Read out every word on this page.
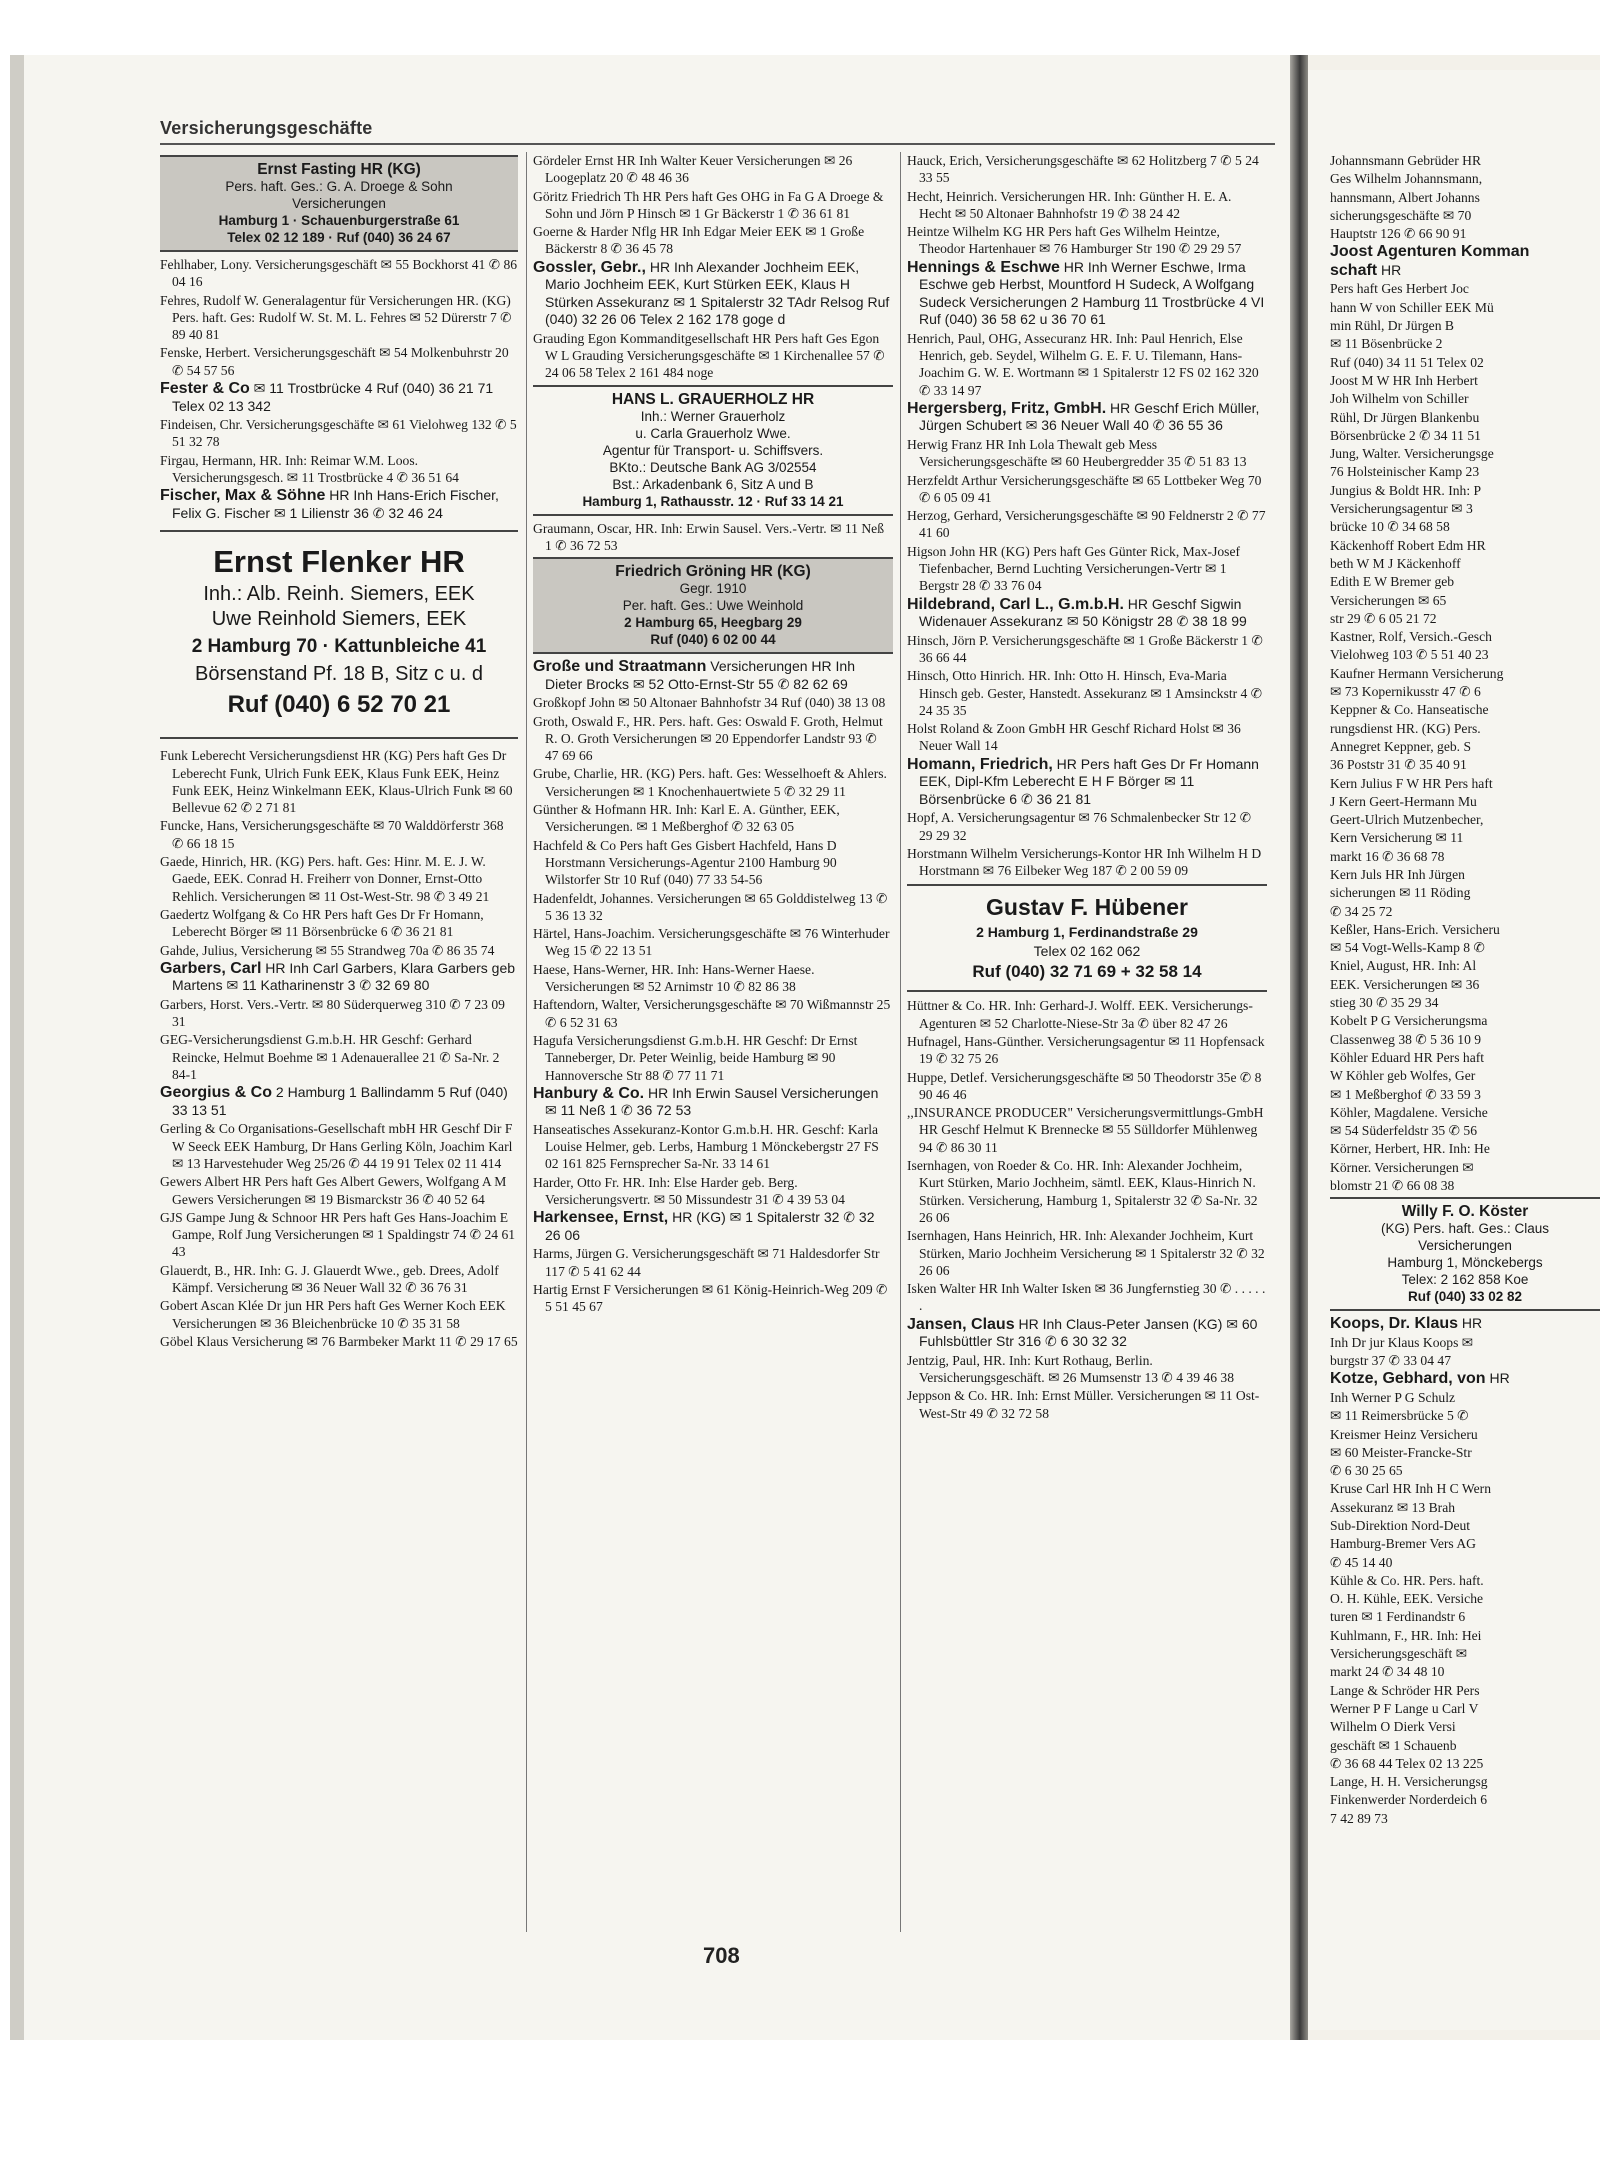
Versicherungsgeschäfte
Ernst Fasting HR (KG)
Pers. haft. Ges.: G. A. Droege & Sohn
Versicherungen
Hamburg 1 · Schauenburgerstraße 61
Telex 02 12 189 · Ruf (040) 36 24 67
Fehlhaber, Lony. Versicherungsgeschäft ✉ 55 Bockhorst 41 ✆ 86 04 16
Fehres, Rudolf W. Generalagentur für Versicherungen HR. (KG) Pers. haft. Ges: Rudolf W. St. M. L. Fehres ✉ 52 Dürerstr 7 ✆ 89 40 81
Fenske, Herbert. Versicherungsgeschäft ✉ 54 Molkenbuhrstr 20 ✆ 54 57 56
Fester & Co ✉ 11 Trostbrücke 4 Ruf (040) 36 21 71 Telex 02 13 342
Findeisen, Chr. Versicherungsgeschäfte ✉ 61 Vielohweg 132 ✆ 5 51 32 78
Firgau, Hermann, HR. Inh: Reimar W.M. Loos. Versicherungsgesch. ✉ 11 Trostbrücke 4 ✆ 36 51 64
Fischer, Max & Söhne HR Inh Hans-Erich Fischer, Felix G. Fischer ✉ 1 Lilienstr 36 ✆ 32 46 24
Ernst Flenker HR
Inh.: Alb. Reinh. Siemers, EEK
Uwe Reinhold Siemers, EEK
2 Hamburg 70 · Kattunbleiche 41
Börsenstand Pf. 18 B, Sitz c u. d
Ruf (040) 6 52 70 21
Funk Leberecht Versicherungsdienst HR (KG) Pers haft Ges Dr Leberecht Funk, Ulrich Funk EEK, Klaus Funk EEK, Heinz Funk EEK, Heinz Winkelmann EEK, Klaus-Ulrich Funk ✉ 60 Bellevue 62 ✆ 2 71 81
Funcke, Hans, Versicherungsgeschäfte ✉ 70 Walddörferstr 368 ✆ 66 18 15
Gaede, Hinrich, HR. (KG) Pers. haft. Ges: Hinr. M. E. J. W. Gaede, EEK. Conrad H. Freiherr von Donner, Ernst-Otto Rehlich. Versicherungen ✉ 11 Ost-West-Str. 98 ✆ 3 49 21
Gaedertz Wolfgang & Co HR Pers haft Ges Dr Fr Homann, Leberecht Börger ✉ 11 Börsenbrücke 6 ✆ 36 21 81
Gahde, Julius, Versicherung ✉ 55 Strandweg 70a ✆ 86 35 74
Garbers, Carl HR Inh Carl Garbers, Klara Garbers geb Martens ✉ 11 Katharinenstr 3 ✆ 32 69 80
Garbers, Horst. Vers.-Vertr. ✉ 80 Süderquerweg 310 ✆ 7 23 09 31
GEG-Versicherungsdienst G.m.b.H. HR Geschf: Gerhard Reincke, Helmut Boehme ✉ 1 Adenauerallee 21 ✆ Sa-Nr. 2 84-1
Georgius & Co 2 Hamburg 1 Ballindamm 5 Ruf (040) 33 13 51
Gerling & Co Organisations-Gesellschaft mbH HR Geschf Dir F W Seeck EEK Hamburg, Dr Hans Gerling Köln, Joachim Karl ✉ 13 Harvestehuder Weg 25/26 ✆ 44 19 91 Telex 02 11 414
Gewers Albert HR Pers haft Ges Albert Gewers, Wolfgang A M Gewers Versicherungen ✉ 19 Bismarckstr 36 ✆ 40 52 64
GJS Gampe Jung & Schnoor HR Pers haft Ges Hans-Joachim E Gampe, Rolf Jung Versicherungen ✉ 1 Spaldingstr 74 ✆ 24 61 43
Glauerdt, B., HR. Inh: G. J. Glauerdt Wwe., geb. Drees, Adolf Kämpf. Versicherung ✉ 36 Neuer Wall 32 ✆ 36 76 31
Gobert Ascan Klée Dr jun HR Pers haft Ges Werner Koch EEK Versicherungen ✉ 36 Bleichenbrücke 10 ✆ 35 31 58
Göbel Klaus Versicherung ✉ 76 Barmbeker Markt 11 ✆ 29 17 65
Gördeler Ernst HR Inh Walter Keuer Versicherungen ✉ 26 Loogeplatz 20 ✆ 48 46 36
Göritz Friedrich Th HR Pers haft Ges OHG in Fa G A Droege & Sohn und Jörn P Hinsch ✉ 1 Gr Bäckerstr 1 ✆ 36 61 81
Goerne & Harder Nflg HR Inh Edgar Meier EEK ✉ 1 Große Bäckerstr 8 ✆ 36 45 78
Gossler, Gebr., HR Inh Alexander Jochheim EEK, Mario Jochheim EEK, Kurt Stürken EEK, Klaus H Stürken Assekuranz ✉ 1 Spitalerstr 32 TAdr Relsog Ruf (040) 32 26 06 Telex 2 162 178 goge d
Grauding Egon Kommanditgesellschaft HR Pers haft Ges Egon W L Grauding Versicherungsgeschäfte ✉ 1 Kirchenallee 57 ✆ 24 06 58 Telex 2 161 484 noge
HANS L. GRAUERHOLZ HR
Inh.: Werner Grauerholz
u. Carla Grauerholz Wwe.
Agentur für Transport- u. Schiffsvers.
BKto.: Deutsche Bank AG 3/02554
Bst.: Arkadenbank 6, Sitz A und B
Hamburg 1, Rathausstr. 12 · Ruf 33 14 21
Graumann, Oscar, HR. Inh: Erwin Sausel. Vers.-Vertr. ✉ 11 Neß 1 ✆ 36 72 53
Friedrich Gröning HR (KG)
Gegr. 1910
Per. haft. Ges.: Uwe Weinhold
2 Hamburg 65, Heegbarg 29
Ruf (040) 6 02 00 44
Große und Straatmann Versicherungen HR Inh Dieter Brocks ✉ 52 Otto-Ernst-Str 55 ✆ 82 62 69
Großkopf John ✉ 50 Altonaer Bahnhofstr 34 Ruf (040) 38 13 08
Groth, Oswald F., HR. Pers. haft. Ges: Oswald F. Groth, Helmut R. O. Groth Versicherungen ✉ 20 Eppendorfer Landstr 93 ✆ 47 69 66
Grube, Charlie, HR. (KG) Pers. haft. Ges: Wesselhoeft & Ahlers. Versicherungen ✉ 1 Knochenhauertwiete 5 ✆ 32 29 11
Günther & Hofmann HR. Inh: Karl E. A. Günther, EEK, Versicherungen. ✉ 1 Meßberghof ✆ 32 63 05
Hachfeld & Co Pers haft Ges Gisbert Hachfeld, Hans D Horstmann Versicherungs-Agentur 2100 Hamburg 90 Wilstorfer Str 10 Ruf (040) 77 33 54-56
Hadenfeldt, Johannes. Versicherungen ✉ 65 Golddistelweg 13 ✆ 5 36 13 32
Härtel, Hans-Joachim. Versicherungsgeschäfte ✉ 76 Winterhuder Weg 15 ✆ 22 13 51
Haese, Hans-Werner, HR. Inh: Hans-Werner Haese. Versicherungen ✉ 52 Arnimstr 10 ✆ 82 86 38
Haftendorn, Walter, Versicherungsgeschäfte ✉ 70 Wißmannstr 25 ✆ 6 52 31 63
Hagufa Versicherungsdienst G.m.b.H. HR Geschf: Dr Ernst Tanneberger, Dr. Peter Weinlig, beide Hamburg ✉ 90 Hannoversche Str 88 ✆ 77 11 71
Hanbury & Co. HR Inh Erwin Sausel Versicherungen ✉ 11 Neß 1 ✆ 36 72 53
Hanseatisches Assekuranz-Kontor G.m.b.H. HR. Geschf: Karla Louise Helmer, geb. Lerbs, Hamburg 1 Mönckebergstr 27 FS 02 161 825 Fernsprecher Sa-Nr. 33 14 61
Harder, Otto Fr. HR. Inh: Else Harder geb. Berg. Versicherungsvertr. ✉ 50 Missundestr 31 ✆ 4 39 53 04
Harkensee, Ernst, HR (KG) ✉ 1 Spitalerstr 32 ✆ 32 26 06
Harms, Jürgen G. Versicherungsgeschäft ✉ 71 Haldesdorfer Str 117 ✆ 5 41 62 44
Hartig Ernst F Versicherungen ✉ 61 König-Heinrich-Weg 209 ✆ 5 51 45 67
Hauck, Erich, Versicherungsgeschäfte ✉ 62 Holitzberg 7 ✆ 5 24 33 55
Hecht, Heinrich. Versicherungen HR. Inh: Günther H. E. A. Hecht ✉ 50 Altonaer Bahnhofstr 19 ✆ 38 24 42
Heintze Wilhelm KG HR Pers haft Ges Wilhelm Heintze, Theodor Hartenhauer ✉ 76 Hamburger Str 190 ✆ 29 29 57
Hennings & Eschwe HR Inh Werner Eschwe, Irma Eschwe geb Herbst, Mountford H Sudeck, A Wolfgang Sudeck Versicherungen 2 Hamburg 11 Trostbrücke 4 VI Ruf (040) 36 58 62 u 36 70 61
Henrich, Paul, OHG, Assecuranz HR. Inh: Paul Henrich, Else Henrich, geb. Seydel, Wilhelm G. E. F. U. Tilemann, Hans-Joachim G. W. E. Wortmann ✉ 1 Spitalerstr 12 FS 02 162 320 ✆ 33 14 97
Hergersberg, Fritz, GmbH. HR Geschf Erich Müller, Jürgen Schubert ✉ 36 Neuer Wall 40 ✆ 36 55 36
Herwig Franz HR Inh Lola Thewalt geb Mess Versicherungsgeschäfte ✉ 60 Heubergredder 35 ✆ 51 83 13
Herzfeldt Arthur Versicherungsgeschäfte ✉ 65 Lottbeker Weg 70 ✆ 6 05 09 41
Herzog, Gerhard, Versicherungsgeschäfte ✉ 90 Feldnerstr 2 ✆ 77 41 60
Higson John HR (KG) Pers haft Ges Günter Rick, Max-Josef Tiefenbacher, Bernd Luchting Versicherungen-Vertr ✉ 1 Bergstr 28 ✆ 33 76 04
Hildebrand, Carl L., G.m.b.H. HR Geschf Sigwin Widenauer Assekuranz ✉ 50 Königstr 28 ✆ 38 18 99
Hinsch, Jörn P. Versicherungsgeschäfte ✉ 1 Große Bäckerstr 1 ✆ 36 66 44
Hinsch, Otto Hinrich. HR. Inh: Otto H. Hinsch, Eva-Maria Hinsch geb. Gester, Hanstedt. Assekuranz ✉ 1 Amsinckstr 4 ✆ 24 35 35
Holst Roland & Zoon GmbH HR Geschf Richard Holst ✉ 36 Neuer Wall 14
Homann, Friedrich, HR Pers haft Ges Dr Fr Homann EEK, Dipl-Kfm Leberecht E H F Börger ✉ 11 Börsenbrücke 6 ✆ 36 21 81
Hopf, A. Versicherungsagentur ✉ 76 Schmalenbecker Str 12 ✆ 29 29 32
Horstmann Wilhelm Versicherungs-Kontor HR Inh Wilhelm H D Horstmann ✉ 76 Eilbeker Weg 187 ✆ 2 00 59 09
Gustav F. Hübener
2 Hamburg 1, Ferdinandstraße 29
Telex 02 162 062
Ruf (040) 32 71 69 + 32 58 14
Hüttner & Co. HR. Inh: Gerhard-J. Wolff. EEK. Versicherungs-Agenturen ✉ 52 Charlotte-Niese-Str 3a ✆ über 82 47 26
Hufnagel, Hans-Günther. Versicherungsagentur ✉ 11 Hopfensack 19 ✆ 32 75 26
Huppe, Detlef. Versicherungsgeschäfte ✉ 50 Theodorstr 35e ✆ 8 90 46 46
,,INSURANCE PRODUCER" Versicherungsvermittlungs-GmbH HR Geschf Helmut K Brennecke ✉ 55 Sülldorfer Mühlenweg 94 ✆ 86 30 11
Isernhagen, von Roeder & Co. HR. Inh: Alexander Jochheim, Kurt Stürken, Mario Jochheim, sämtl. EEK, Klaus-Hinrich N. Stürken. Versicherung, Hamburg 1, Spitalerstr 32 ✆ Sa-Nr. 32 26 06
Isernhagen, Hans Heinrich, HR. Inh: Alexander Jochheim, Kurt Stürken, Mario Jochheim Versicherung ✉ 1 Spitalerstr 32 ✆ 32 26 06
Isken Walter HR Inh Walter Isken ✉ 36 Jungfernstieg 30 ✆ . . . . . .
Jansen, Claus HR Inh Claus-Peter Jansen (KG) ✉ 60 Fuhlsbüttler Str 316 ✆ 6 30 32 32
Jentzig, Paul, HR. Inh: Kurt Rothaug, Berlin. Versicherungsgeschäft. ✉ 26 Mumsenstr 13 ✆ 4 39 46 38
Jeppson & Co. HR. Inh: Ernst Müller. Versicherungen ✉ 11 Ost-West-Str 49 ✆ 32 72 58
Johannsmann Gebrüder HR
Ges Wilhelm Johannsmann,
hannsmann, Albert Johanns
sicherungsgeschäfte ✉ 70
Hauptstr 126 ✆ 66 90 91
Joost Agenturen Komman
schaft HR
Pers haft Ges Herbert Joc
hann W von Schiller EEK Mü
min Rühl, Dr Jürgen B
✉ 11 Bösenbrücke 2
Ruf (040) 34 11 51 Telex 02
Joost M W HR Inh Herbert
Joh Wilhelm von Schiller
Rühl, Dr Jürgen Blankenbu
Börsenbrücke 2 ✆ 34 11 51
Jung, Walter. Versicherungsge
76 Holsteinischer Kamp 23
Jungius & Boldt HR. Inh: P
Versicherungsagentur ✉ 3
brücke 10 ✆ 34 68 58
Käckenhoff Robert Edm HR
beth W M J Käckenhoff
Edith E W Bremer geb
Versicherungen ✉ 65
str 29 ✆ 6 05 21 72
Kastner, Rolf, Versich.-Gesch
Vielohweg 103 ✆ 5 51 40 23
Kaufner Hermann Versicherung
✉ 73 Kopernikusstr 47 ✆ 6
Keppner & Co. Hanseatische
rungsdienst HR. (KG) Pers.
Annegret Keppner, geb. S
36 Poststr 31 ✆ 35 40 91
Kern Julius F W HR Pers haft
J Kern Geert-Hermann Mu
Geert-Ulrich Mutzenbecher,
Kern Versicherung ✉ 11
markt 16 ✆ 36 68 78
Kern Juls HR Inh Jürgen
sicherungen ✉ 11 Röding
✆ 34 25 72
Keßler, Hans-Erich. Versicheru
✉ 54 Vogt-Wells-Kamp 8 ✆
Kniel, August, HR. Inh: Al
EEK. Versicherungen ✉ 36
stieg 30 ✆ 35 29 34
Kobelt P G Versicherungsma
Classenweg 38 ✆ 5 36 10 9
Köhler Eduard HR Pers haft
W Köhler geb Wolfes, Ger
✉ 1 Meßberghof ✆ 33 59 3
Köhler, Magdalene. Versiche
✉ 54 Süderfeldstr 35 ✆ 56
Körner, Herbert, HR. Inh: He
Körner. Versicherungen ✉
blomstr 21 ✆ 66 08 38
Willy F. O. Köster
(KG) Pers. haft. Ges.: Claus
Versicherungen
Hamburg 1, Mönckebergs
Telex: 2 162 858 Koe
Ruf (040) 33 02 82
Koops, Dr. Klaus HR
Inh Dr jur Klaus Koops ✉
burgstr 37 ✆ 33 04 47
Kotze, Gebhard, von HR
Inh Werner P G Schulz
✉ 11 Reimersbrücke 5 ✆
Kreismer Heinz Versicheru
✉ 60 Meister-Francke-Str
✆ 6 30 25 65
Kruse Carl HR Inh H C Wern
Assekuranz ✉ 13 Brah
Sub-Direktion Nord-Deut
Hamburg-Bremer Vers AG
✆ 45 14 40
Kühle & Co. HR. Pers. haft.
O. H. Kühle, EEK. Versiche
turen ✉ 1 Ferdinandstr 6
Kuhlmann, F., HR. Inh: Hei
Versicherungsgeschäft ✉
markt 24 ✆ 34 48 10
Lange & Schröder HR Pers
Werner P F Lange u Carl V
Wilhelm O Dierk Versi
geschäft ✉ 1 Schauenb
✆ 36 68 44 Telex 02 13 225
Lange, H. H. Versicherungsg
Finkenwerder Norderdeich 6
7 42 89 73
708
